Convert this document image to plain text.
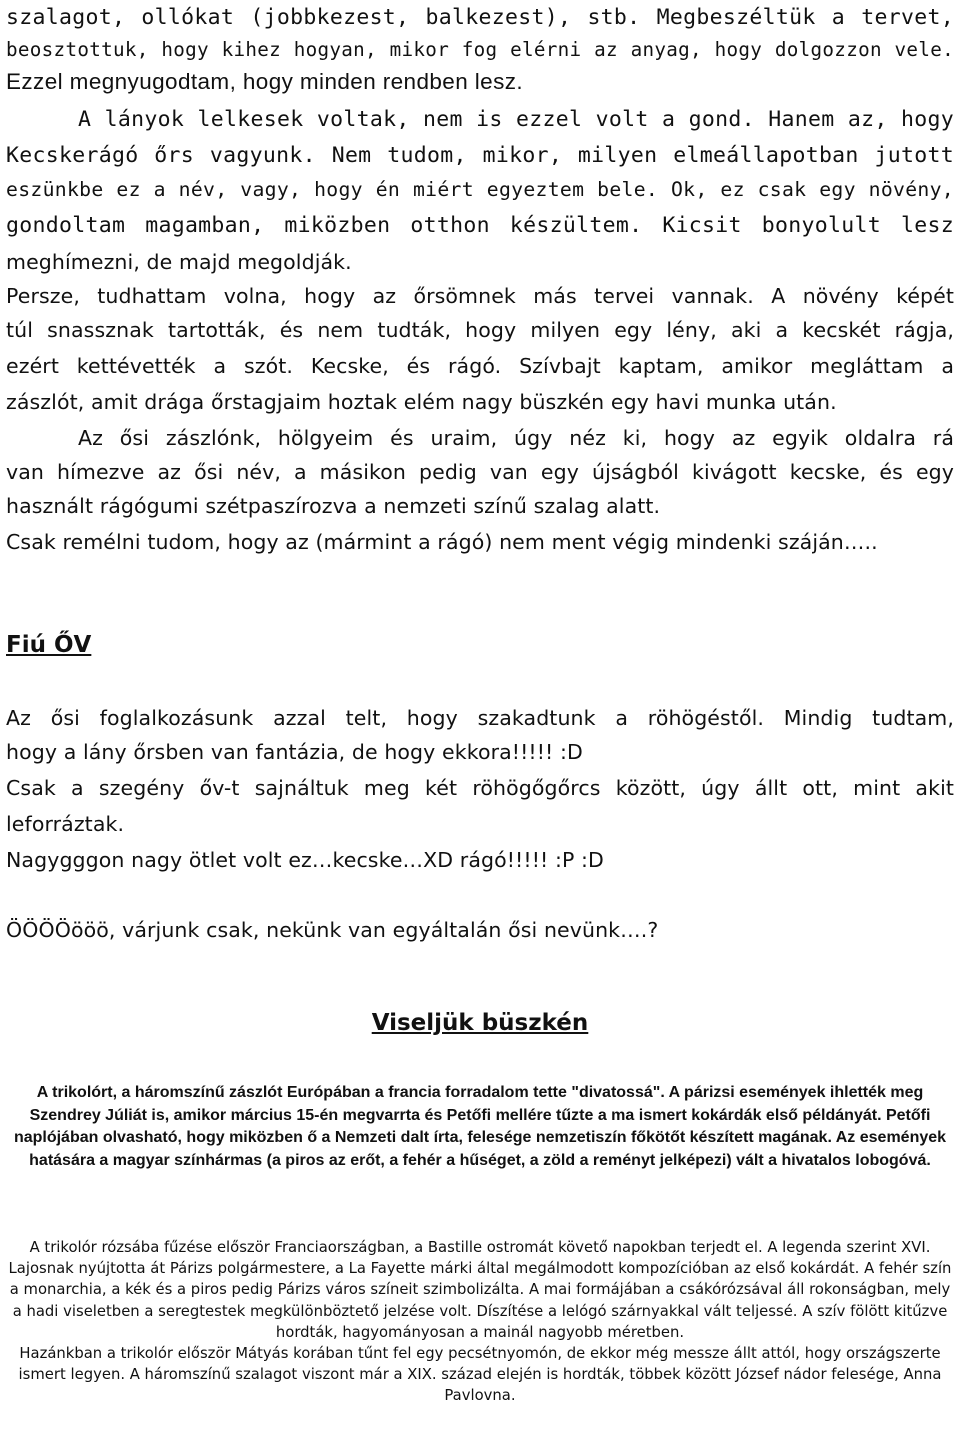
szalagot, ollókat (jobbkezest, balkezest), stb. Megbeszéltük a tervet,
beosztottuk, hogy kihez hogyan, mikor fog elérni az anyag, hogy dolgozzon vele.
Ezzel megnyugodtam, hogy minden rendben lesz.
A lányok lelkesek voltak, nem is ezzel volt a gond. Hanem az, hogy
Kecskerágó őrs vagyunk. Nem tudom, mikor, milyen elmeállapotban jutott
eszünkbe ez a név, vagy, hogy én miért egyeztem bele. Ok, ez csak egy növény,
gondoltam magamban, miközben otthon készültem. Kicsit bonyolult lesz
meghímezni, de majd megoldják.
Persze, tudhattam volna, hogy az őrsömnek más tervei vannak. A növény képét
túl snassznak tartották, és nem tudták, hogy milyen egy lény, aki a kecskét rágja,
ezért kettévették a szót. Kecske, és rágó. Szívbajt kaptam, amikor megláttam a
zászlót, amit drága őrstagjaim hoztak elém nagy büszkén egy havi munka után.
Az ősi zászlónk, hölgyeim és uraim, úgy néz ki, hogy az egyik oldalra rá
van hímezve az ősi név, a másikon pedig van egy újságból kivágott kecske, és egy
használt rágógumi szétpaszírozva a nemzeti színű szalag alatt.
Csak remélni tudom, hogy az (mármint a rágó) nem ment végig mindenki száján…..
Fiú ŐV
Az ősi foglalkozásunk azzal telt, hogy szakadtunk a röhögéstől. Mindig tudtam,
hogy a lány őrsben van fantázia, de hogy ekkora!!!!! :D
Csak a szegény őv-t sajnáltuk meg két röhögőgőrcs között, úgy állt ott, mint akit
leforráztak.
Nagygggon nagy ötlet volt ez…kecske…XD rágó!!!!! :P :D
ÖÖÖÖööö, várjunk csak, nekünk van egyáltalán ősi nevünk….?
Viseljük büszkén

A trikolórt, a háromszínű zászlót Európában a francia forradalom tette "divatossá". A párizsi események ihlették meg Szendrey Júliát is, amikor március 15-én megvarrta és Petőfi mellére tűzte a ma ismert kokárdák első példányát. Petőfi naplójában olvasható, hogy miközben ő a Nemzeti dalt írta, felesége nemzetiszín főkötőt készített magának. Az események hatására a magyar színhármas (a piros az erőt, a fehér a hűséget, a zöld a reményt jelképezi) vált a hivatalos lobogóvá.

A trikolór rózsába fűzése először Franciaországban, a Bastille ostromát követő napokban terjedt el. A legenda szerint XVI. Lajosnak nyújtotta át Párizs polgármestere, a La Fayette márki által megálmodott kompozícióban az első kokárdát. A fehér szín a monarchia, a kék és a piros pedig Párizs város színeit szimbolizálta. A mai formájában a csákórózsával áll rokonságban, mely a hadi viseletben a seregtestek megkülönböztető jelzése volt. Díszítése a lelógó szárnyakkal vált teljessé. A szív fölött kitűzve hordták, hagyományosan a mainál nagyobb méretben.

Hazánkban a trikolór először Mátyás korában tűnt fel egy pecsétnyomón, de ekkor még messze állt attól, hogy országszerte ismert legyen. A háromszínű szalagot viszont már a XIX. század elején is hordták, többek között József nádor felesége, Anna Pavlovna.
